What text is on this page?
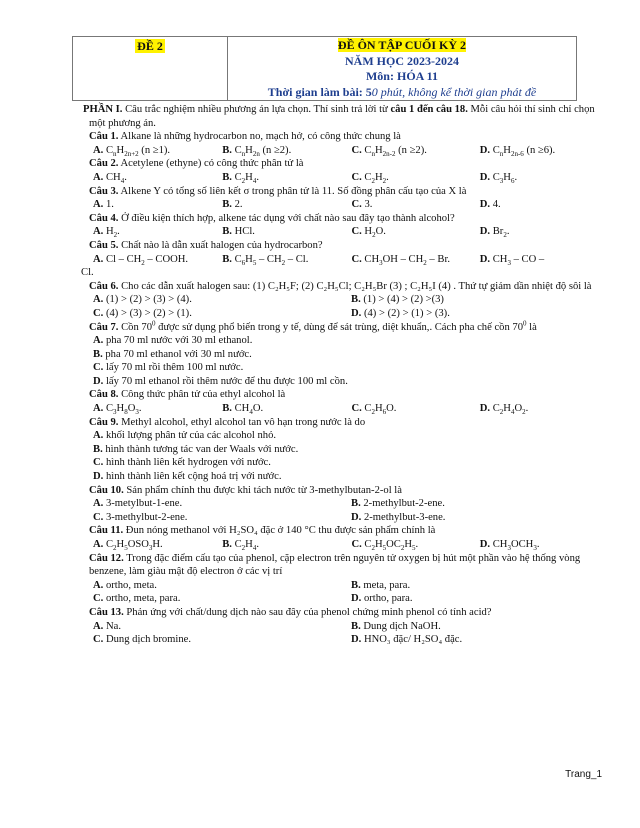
ĐỀ 2	ĐỀ ÔN TẬP CUỐI KỲ 2
NĂM HỌC 2023-2024
Môn: HÓA 11
Thời gian làm bài: 50 phút, không kể thời gian phát đề

PHẦN I. Câu trắc nghiệm nhiều phương án lựa chọn. Thí sinh trả lời từ câu 1 đến câu 18. Mỗi câu hỏi thí sinh chỉ chọn một phương án.

Câu 1. Alkane là những hydrocarbon no, mạch hở, có công thức chung là

A. $C_nH_{2n+2}$ (n ≥1).	B. $C_nH_{2n}$ (n ≥2).	C. $C_nH_{2n-2}$ (n ≥2).	D. $C_nH_{2n-6}$ (n ≥6).

Câu 2. Acetylene (ethyne) có công thức phân tử là

A. $CH_4$.	B. $C_2H_4$.	C. $C_2H_2$.	D. $C_3H_6$.

Câu 3. Alkene Y có tổng số liên kết σ trong phân tử là 11. Số đồng phân cấu tạo của X là

A. 1.	B. 2.	C. 3.	D. 4.

Câu 4. Ở điều kiện thích hợp, alkene tác dụng với chất nào sau đây tạo thành alcohol?

A. $H_2$.	B. HCl.	C. $H_2O$.	D. $Br_2$.

Câu 5. Chất nào là dẫn xuất halogen của hydrocarbon?

A. Cl – $CH_2$ – COOH.	B. $C_6H_5 - CH_2$ – Cl.	C. $CH_3OH - CH_2$ – Br.	D. $CH_3$ – CO –

Cl.

Câu 6. Cho các dẫn xuất halogen sau: (1) C₂H₅F; (2) C₂H₅Cl; C₂H₅Br (3) ; C₂H₅I (4) . Thứ tự giảm dần nhiệt độ sôi là

A. (1) > (2) > (3) > (4).	B. (1) > (4) > (2) >(3)
C. (4) > (3) > (2) > (1).	D. (4) > (2) > (1) > (3).

Câu 7. Cồn $70^0$ được sử dụng phổ biến trong y tế, dùng để sát trùng, diệt khuẩn,. Cách pha chế cồn $70^0$ là

A. pha 70 ml nước với 30 ml ethanol.

B. pha 70 ml ethanol với 30 ml nước.

C. lấy 70 ml rồi thêm 100 ml nước.

D. lấy 70 ml ethanol rồi thêm nước để thu được 100 ml cồn.

Câu 8. Công thức phân tử của ethyl alcohol là

A. $C_3H_8O_3$.	B. $CH_4O$.	C. $C_2H_6O$.	D. $C_2H_4O_2$.

Câu 9. Methyl alcohol, ethyl alcohol tan vô hạn trong nước là do

A. khối lượng phân tử của các alcohol nhỏ.

B. hình thành tương tác van der Waals với nước.

C. hình thành liên kết hydrogen với nước.

D. hình thành liên kết cộng hoá trị với nước.

Câu 10. Sản phẩm chính thu được khi tách nước từ 3-methylbutan-2-ol là

A. 3-metylbut-1-ene.	B. 2-methylbut-2-ene.
C. 3-methylbut-2-ene.	D. 2-methylbut-3-ene.

Câu 11. Đun nóng methanol với H₂SO₄ đặc ở 140 °C thu được sản phẩm chính là

A. $C_2H_5OSO_3H$.	B. $C_2H_4$.	C. $C_2H_5OC_2H_5$.	D. $CH_3OCH_3$.

Câu 12. Trong đặc điểm cấu tạo của phenol, cặp electron trên nguyên tử oxygen bị hút một phần vào hệ thống vòng benzene, làm giàu mật độ electron ở các vị trí

A. ortho, meta.	B. meta, para.
C. ortho, meta, para.	D. ortho, para.

Câu 13. Phản ứng với chất/dung dịch nào sau đây của phenol chứng minh phenol có tính acid?

A. Na.	B. Dung dịch NaOH.
C. Dung dịch bromine.	D. HNO₃ đặc/ H₂SO₄ đặc.
Trang_1
